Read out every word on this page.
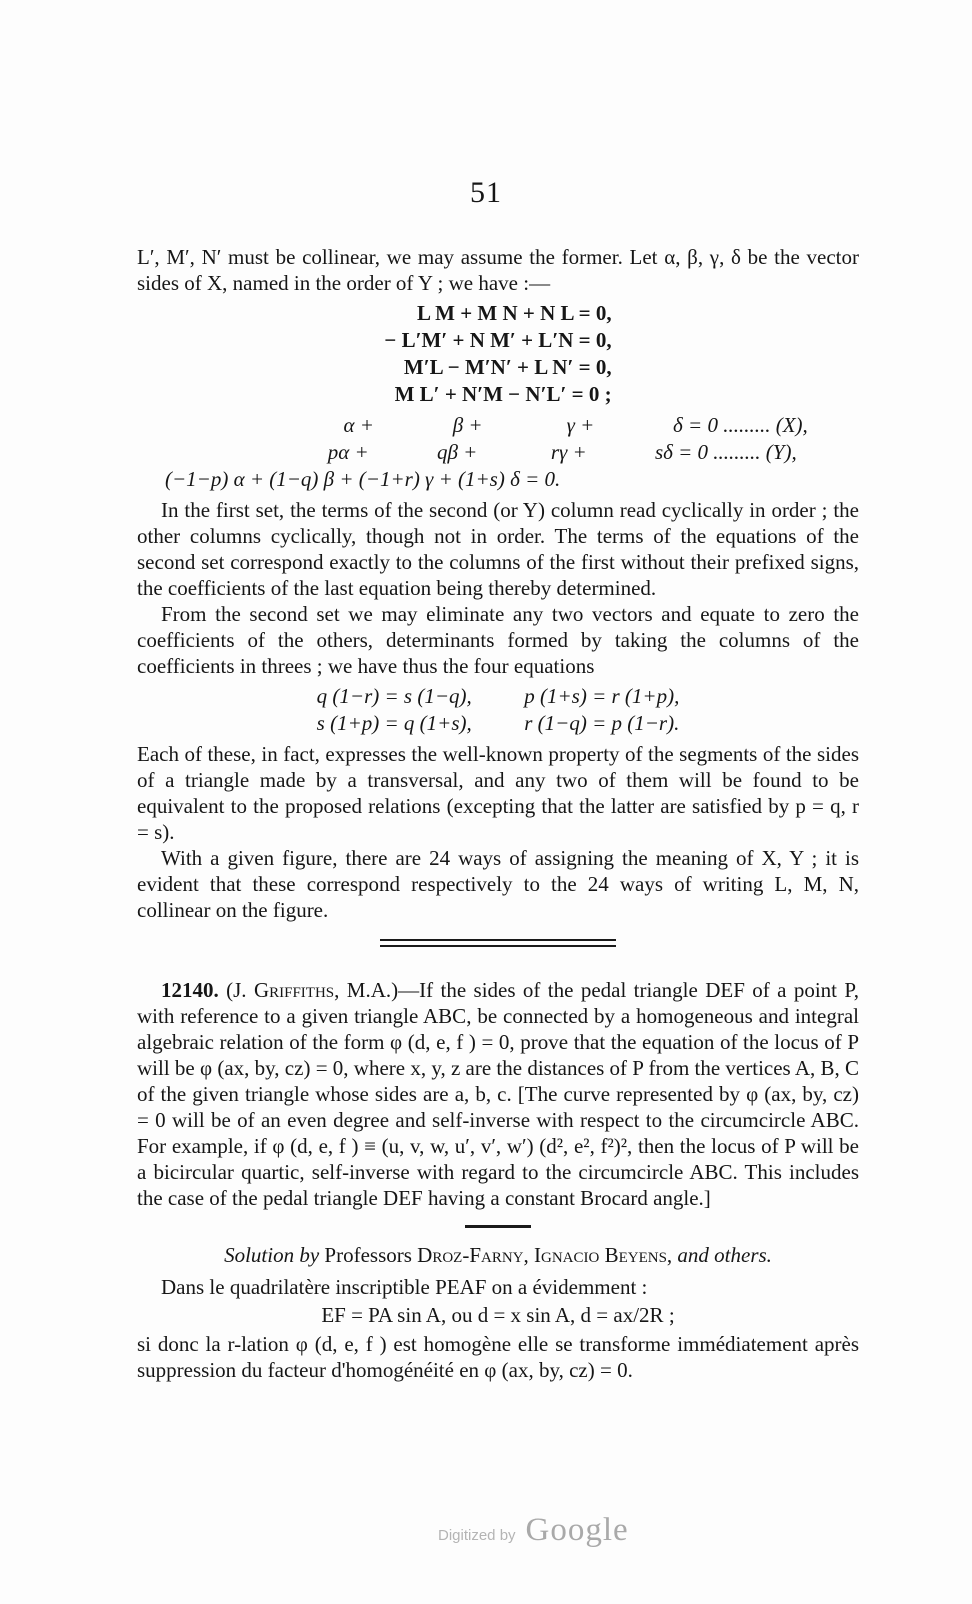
51

L′, M′, N′ must be collinear, we may assume the former. Let α, β, γ, δ be the vector sides of X, named in the order of Y ; we have :—

L M + M N + N L = 0,
− L′M′ + N M′ + L′N = 0,
M′L − M′N′ + L N′ = 0,
M L′ + N′M − N′L′ = 0 ;
α +               β +                γ +               δ = 0 ......... (X),
pα +             qβ +              rγ +             sδ = 0 ......... (Y),
(−1−p) α + (1−q) β + (−1+r) γ + (1+s) δ = 0.

In the first set, the terms of the second (or Y) column read cyclically in order ; the other columns cyclically, though not in order. The terms of the equations of the second set correspond exactly to the columns of the first without their prefixed signs, the coefficients of the last equation being thereby determined.

From the second set we may eliminate any two vectors and equate to zero the coefficients of the others, determinants formed by taking the columns of the coefficients in threes ; we have thus the four equations

q (1−r) = s (1−q),          p (1+s) = r (1+p),
s (1+p) = q (1+s),          r (1−q) = p (1−r).

Each of these, in fact, expresses the well-known property of the segments of the sides of a triangle made by a transversal, and any two of them will be found to be equivalent to the proposed relations (excepting that the latter are satisfied by p = q, r = s).

With a given figure, there are 24 ways of assigning the meaning of X, Y ; it is evident that these correspond respectively to the 24 ways of writing L, M, N, collinear on the figure.

12140. (J. Griffiths, M.A.)—If the sides of the pedal triangle DEF of a point P, with reference to a given triangle ABC, be connected by a homogeneous and integral algebraic relation of the form φ (d, e, f ) = 0, prove that the equation of the locus of P will be φ (ax, by, cz) = 0, where x, y, z are the distances of P from the vertices A, B, C of the given triangle whose sides are a, b, c. [The curve represented by φ (ax, by, cz) = 0 will be of an even degree and self-inverse with respect to the circumcircle ABC. For example, if φ (d, e, f ) ≡ (u, v, w, u′, v′, w′) (d², e², f²)², then the locus of P will be a bicircular quartic, self-inverse with regard to the circumcircle ABC. This includes the case of the pedal triangle DEF having a constant Brocard angle.]

Solution by Professors Droz-Farny, Ignacio Beyens, and others.

Dans le quadrilatère inscriptible PEAF on a évidemment :

EF = PA sin A, ou d = x sin A, d = ax/2R ;

si donc la r-lation φ (d, e, f ) est homogène elle se transforme immédiatement après suppression du facteur d'homogénéité en φ (ax, by, cz) = 0.

Digitized by Google
